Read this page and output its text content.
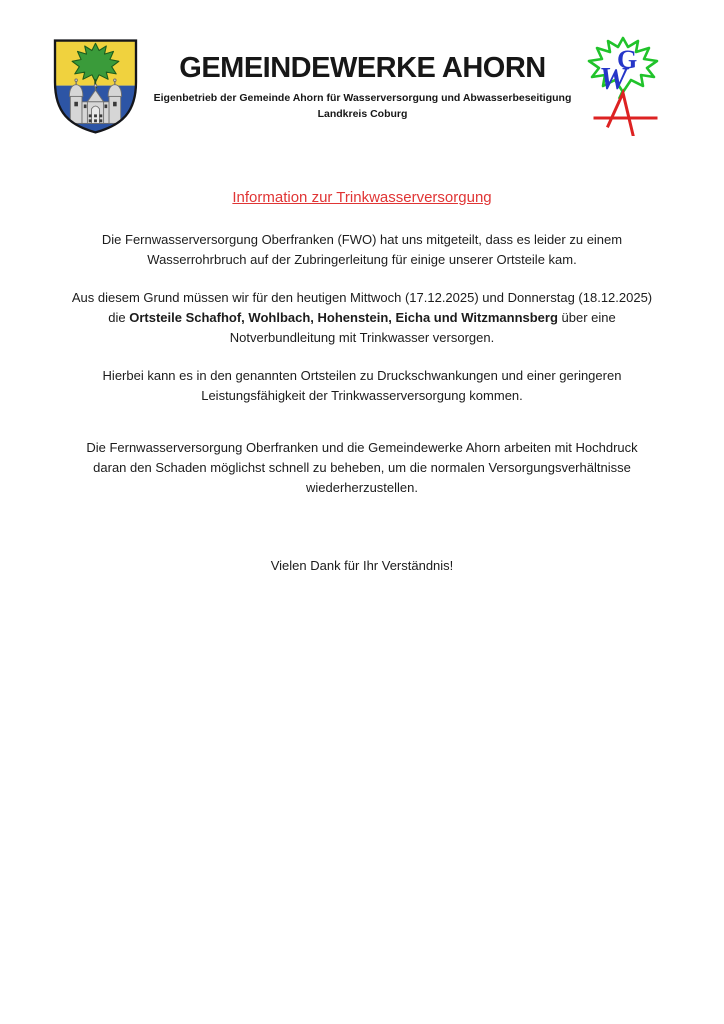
GEMEINDEWERKE AHORN
Eigenbetrieb der Gemeinde Ahorn für Wasserversorgung und Abwasserbeseitigung
Landkreis Coburg
G
W
Information zur Trinkwasserversorgung

Die Fernwasserversorgung Oberfranken (FWO) hat uns mitgeteilt, dass es leider zu einem Wasserrohrbruch auf der Zubringerleitung für einige unserer Ortsteile kam.

Aus diesem Grund müssen wir für den heutigen Mittwoch (17.12.2025) und Donnerstag (18.12.2025) die Ortsteile Schafhof, Wohlbach, Hohenstein, Eicha und Witzmannsberg über eine Notverbundleitung mit Trinkwasser versorgen.

Hierbei kann es in den genannten Ortsteilen zu Druckschwankungen und einer geringeren Leistungsfähigkeit der Trinkwasserversorgung kommen.

Die Fernwasserversorgung Oberfranken und die Gemeindewerke Ahorn arbeiten mit Hochdruck daran den Schaden möglichst schnell zu beheben, um die normalen Versorgungsverhältnisse wiederherzustellen.

Vielen Dank für Ihr Verständnis!
